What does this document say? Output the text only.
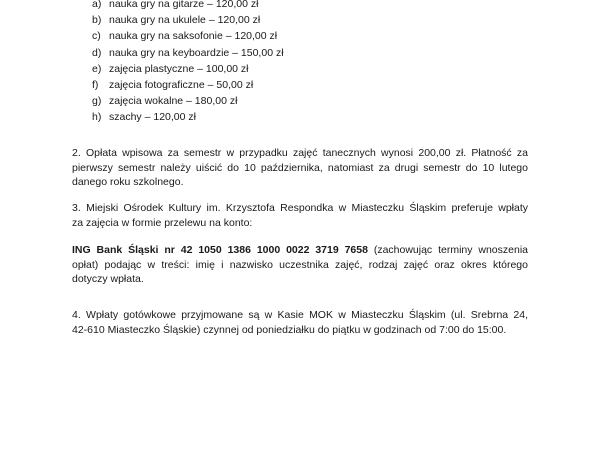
a) nauka gry na gitarze – 120,00 zł
b) nauka gry na ukulele – 120,00 zł
c) nauka gry na saksofonie – 120,00 zł
d) nauka gry na keyboardzie – 150,00 zł
e) zajęcia plastyczne – 100,00 zł
f)	zajęcia fotograficzne – 50,00 zł
g) zajęcia wokalne – 180,00 zł
h) szachy – 120,00 zł
2. Opłata wpisowa za semestr w przypadku zajęć tanecznych wynosi 200,00 zł. Płatność za
pierwszy semestr należy uiścić do 10 października, natomiast za drugi semestr do 10 lutego
danego roku szkolnego.
3. Miejski Ośrodek Kultury im. Krzysztofa Respondka w Miasteczku Śląskim preferuje wpłaty
za zajęcia w formie przelewu na konto:
ING Bank Śląski nr 42 1050 1386 1000 0022 3719 7658 (zachowując terminy wnoszenia
opłat) podając w treści: imię i nazwisko uczestnika zajęć, rodzaj zajęć oraz okres którego
dotyczy wpłata.
4. Wpłaty gotówkowe przyjmowane są w Kasie MOK w Miasteczku Śląskim (ul. Srebrna 24,
42-610 Miasteczko Śląskie) czynnej od poniedziałku do piątku w godzinach od 7:00 do 15:00.
